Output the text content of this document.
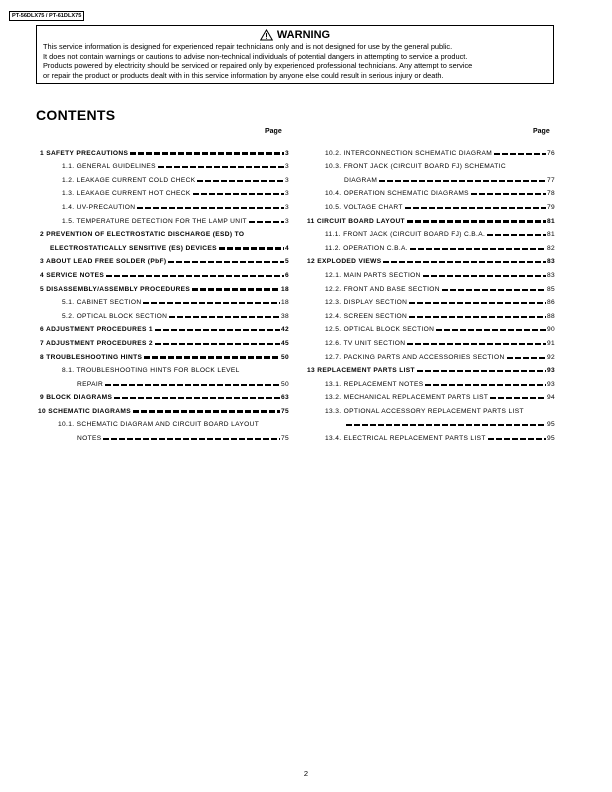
PT-56DLX75 / PT-61DLX75
WARNING
This service information is designed for experienced repair technicians only and is not designed for use by the general public.
It does not contain warnings or cautions to advise non-technical individuals of potential dangers in attempting to service a product.
Products powered by electricity should be serviced or repaired only by experienced professional technicians. Any attempt to service
or repair the product or products dealt with in this service information by anyone else could result in serious injury or death.
CONTENTS
Page	Page
1 SAFETY PRECAUTIONS	3
1.1. GENERAL GUIDELINES	3
1.2. LEAKAGE CURRENT COLD CHECK	3
1.3. LEAKAGE CURRENT HOT CHECK	3
1.4. UV-PRECAUTION	3
1.5. TEMPERATURE DETECTION FOR THE LAMP UNIT	3
2 PREVENTION OF ELECTROSTATIC DISCHARGE (ESD) TO
ELECTROSTATICALLY SENSITIVE (ES) DEVICES	4
3 ABOUT LEAD FREE SOLDER (PbF)	5
4 SERVICE NOTES	6
5 DISASSEMBLY/ASSEMBLY PROCEDURES	18
5.1. CABINET SECTION	18
5.2. OPTICAL BLOCK SECTION	38
6 ADJUSTMENT PROCEDURES 1	42
7 ADJUSTMENT PROCEDURES 2	45
8 TROUBLESHOOTING HINTS	50
8.1. TROUBLESHOOTING HINTS FOR BLOCK LEVEL
REPAIR	50
9 BLOCK DIAGRAMS	63
10 SCHEMATIC DIAGRAMS	75
10.1. SCHEMATIC DIAGRAM AND CIRCUIT BOARD LAYOUT
NOTES	75
10.2. INTERCONNECTION SCHEMATIC DIAGRAM	76
10.3. FRONT JACK (CIRCUIT BOARD FJ) SCHEMATIC
DIAGRAM	77
10.4. OPERATION SCHEMATIC DIAGRAMS	78
10.5. VOLTAGE CHART	79
11 CIRCUIT BOARD LAYOUT	81
11.1. FRONT JACK (CIRCUIT BOARD FJ) C.B.A.	81
11.2. OPERATION C.B.A.	82
12 EXPLODED VIEWS	83
12.1. MAIN PARTS SECTION	83
12.2. FRONT AND BASE SECTION	85
12.3. DISPLAY SECTION	86
12.4. SCREEN SECTION	88
12.5. OPTICAL BLOCK SECTION	90
12.6. TV UNIT SECTION	91
12.7. PACKING PARTS AND ACCESSORIES SECTION	92
13 REPLACEMENT PARTS LIST	93
13.1. REPLACEMENT NOTES	93
13.2. MECHANICAL REPLACEMENT PARTS LIST	94
13.3. OPTIONAL ACCESSORY REPLACEMENT PARTS LIST
95
13.4. ELECTRICAL REPLACEMENT PARTS LIST	95
2
